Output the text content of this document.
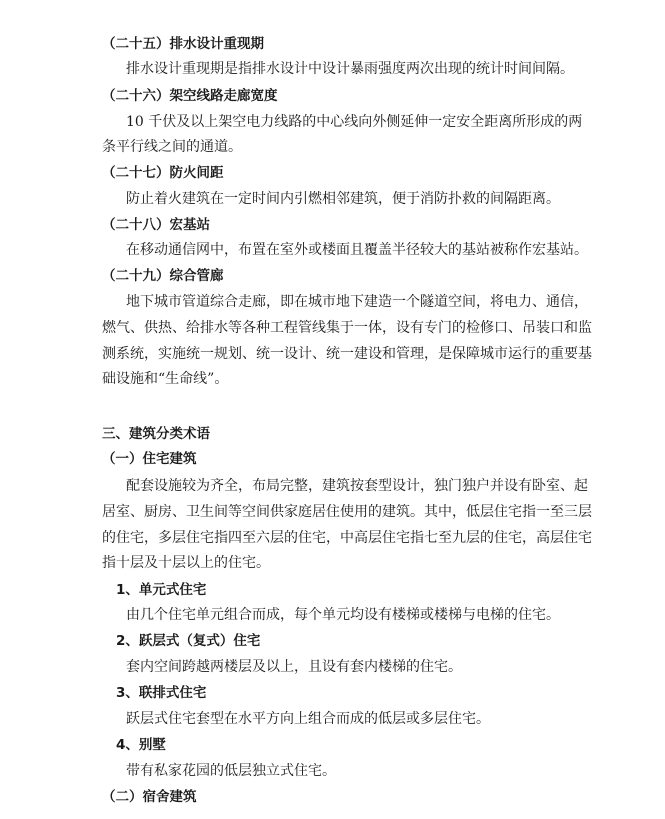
（二十五）排水设计重现期

排水设计重现期是指排水设计中设计暴雨强度两次出现的统计时间间隔。

（二十六）架空线路走廊宽度

10 千伏及以上架空电力线路的中心线向外侧延伸一定安全距离所形成的两

条平行线之间的通道。

（二十七）防火间距

防止着火建筑在一定时间内引燃相邻建筑，便于消防扑救的间隔距离。

（二十八）宏基站

在移动通信网中，布置在室外或楼面且覆盖半径较大的基站被称作宏基站。

（二十九）综合管廊

地下城市管道综合走廊，即在城市地下建造一个隧道空间，将电力、通信，

燃气、供热、给排水等各种工程管线集于一体，设有专门的检修口、吊装口和监

测系统，实施统一规划、统一设计、统一建设和管理，是保障城市运行的重要基

础设施和“生命线”。

三、建筑分类术语
（一）住宅建筑

配套设施较为齐全，布局完整，建筑按套型设计，独门独户并设有卧室、起

居室、厨房、卫生间等空间供家庭居住使用的建筑。其中，低层住宅指一至三层

的住宅，多层住宅指四至六层的住宅，中高层住宅指七至九层的住宅，高层住宅

指十层及十层以上的住宅。

1、单元式住宅

由几个住宅单元组合而成，每个单元均设有楼梯或楼梯与电梯的住宅。

2、跃层式（复式）住宅

套内空间跨越两楼层及以上，且设有套内楼梯的住宅。

3、联排式住宅

跃层式住宅套型在水平方向上组合而成的低层或多层住宅。

4、别墅

带有私家花园的低层独立式住宅。

（二）宿舍建筑
